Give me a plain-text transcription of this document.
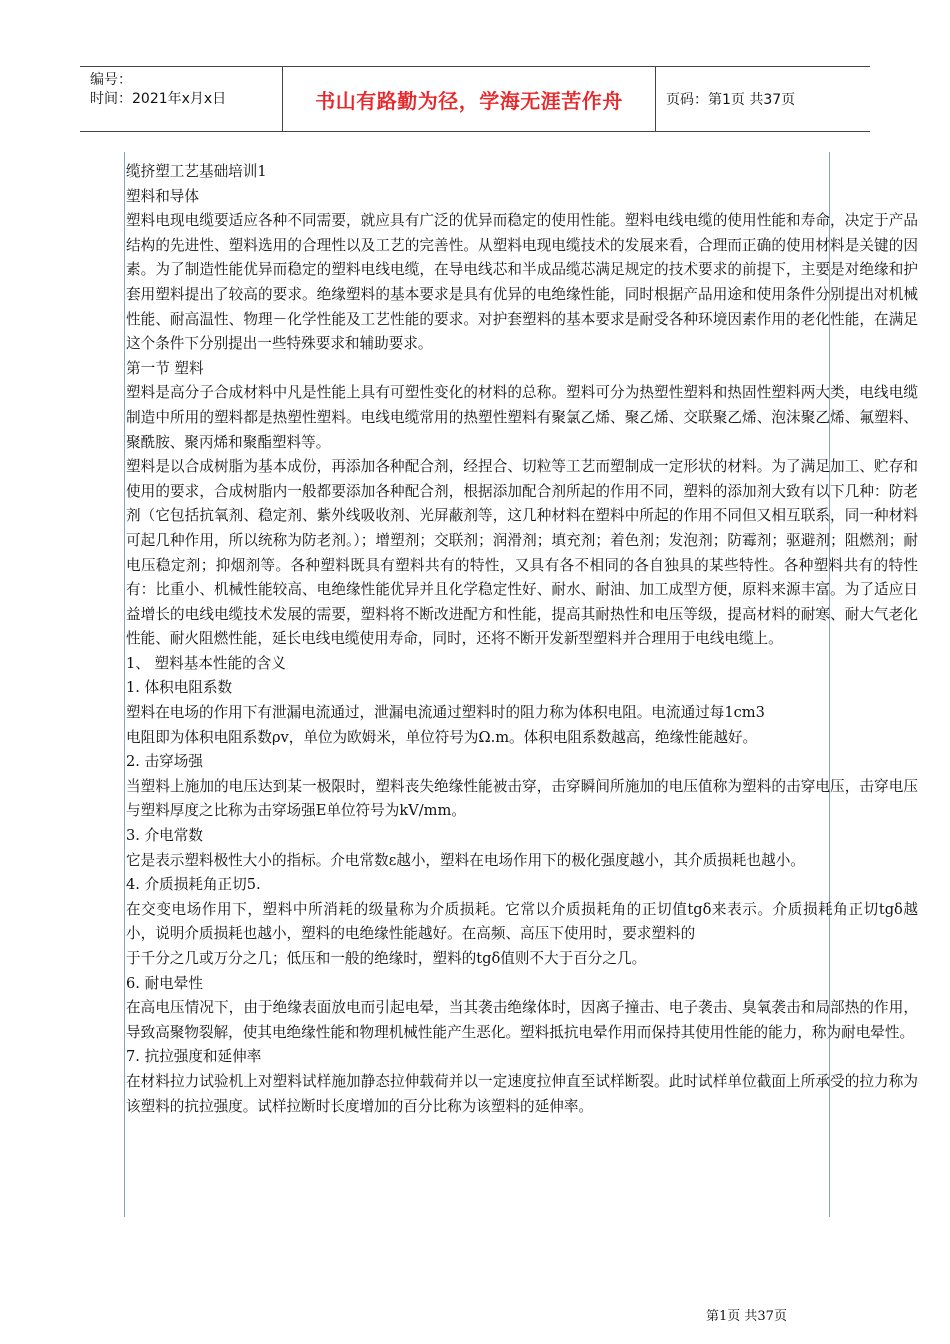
编号：
时间：2021年x月x日	书山有路勤为径，学海无涯苦作舟	页码：第1页 共37页

缆挤塑工艺基础培训1

塑料和导体

塑料电现电缆要适应各种不同需要，就应具有广泛的优异而稳定的使用性能。塑料电线电缆的使用性能和寿命，决定于产品结构的先进性、塑料选用的合理性以及工艺的完善性。从塑料电现电缆技术的发展来看，合理而正确的使用材料是关键的因素。为了制造性能优异而稳定的塑料电线电缆，在导电线芯和半成品缆芯满足规定的技术要求的前提下，主要是对绝缘和护套用塑料提出了较高的要求。绝缘塑料的基本要求是具有优异的电绝缘性能，同时根据产品用途和使用条件分别提出对机械性能、耐高温性、物理－化学性能及工艺性能的要求。对护套塑料的基本要求是耐受各种环境因素作用的老化性能，在满足这个条件下分别提出一些特殊要求和辅助要求。

第一节 塑料

塑料是高分子合成材料中凡是性能上具有可塑性变化的材料的总称。塑料可分为热塑性塑料和热固性塑料两大类，电线电缆制造中所用的塑料都是热塑性塑料。电线电缆常用的热塑性塑料有聚氯乙烯、聚乙烯、交联聚乙烯、泡沫聚乙烯、氟塑料、聚酰胺、聚丙烯和聚酯塑料等。

塑料是以合成树脂为基本成份，再添加各种配合剂，经捏合、切粒等工艺而塑制成一定形状的材料。为了满足加工、贮存和使用的要求，合成树脂内一般都要添加各种配合剂，根据添加配合剂所起的作用不同，塑料的添加剂大致有以下几种：防老剂（它包括抗氧剂、稳定剂、紫外线吸收剂、光屏蔽剂等，这几种材料在塑料中所起的作用不同但又相互联系，同一种材料可起几种作用，所以统称为防老剂。）；增塑剂；交联剂；润滑剂；填充剂；着色剂；发泡剂；防霉剂；驱避剂；阻燃剂；耐电压稳定剂；抑烟剂等。各种塑料既具有塑料共有的特性，又具有各不相同的各自独具的某些特性。各种塑料共有的特性有：比重小、机械性能较高、电绝缘性能优异并且化学稳定性好、耐水、耐油、加工成型方便，原料来源丰富。为了适应日益增长的电线电缆技术发展的需要，塑料将不断改进配方和性能，提高其耐热性和电压等级，提高材料的耐寒、耐大气老化性能、耐火阻燃性能，延长电线电缆使用寿命，同时，还将不断开发新型塑料并合理用于电线电缆上。

1、 塑料基本性能的含义

1. 体积电阻系数

塑料在电场的作用下有泄漏电流通过，泄漏电流通过塑料时的阻力称为体积电阻。电流通过每1cm3

电阻即为体积电阻系数ρv，单位为欧姆米，单位符号为Ω.m。体积电阻系数越高，绝缘性能越好。

2. 击穿场强

当塑料上施加的电压达到某一极限时，塑料丧失绝缘性能被击穿，击穿瞬间所施加的电压值称为塑料的击穿电压，击穿电压与塑料厚度之比称为击穿场强E单位符号为kV/mm。

3. 介电常数

它是表示塑料极性大小的指标。介电常数ε越小，塑料在电场作用下的极化强度越小，其介质损耗也越小。

4. 介质损耗角正切5.

在交变电场作用下，塑料中所消耗的级量称为介质损耗。它常以介质损耗角的正切值tgδ来表示。介质损耗角正切tgδ越小，说明介质损耗也越小，塑料的电绝缘性能越好。在高频、高压下使用时，要求塑料的

于千分之几或万分之几；低压和一般的绝缘时，塑料的tgδ值则不大于百分之几。

6. 耐电晕性

在高电压情况下，由于绝缘表面放电而引起电晕，当其袭击绝缘体时，因离子撞击、电子袭击、臭氧袭击和局部热的作用，导致高聚物裂解，使其电绝缘性能和物理机械性能产生恶化。塑料抵抗电晕作用而保持其使用性能的能力，称为耐电晕性。

7. 抗拉强度和延伸率

在材料拉力试验机上对塑料试样施加静态拉伸载荷并以一定速度拉伸直至试样断裂。此时试样单位截面上所承受的拉力称为该塑料的抗拉强度。试样拉断时长度增加的百分比称为该塑料的延伸率。

第1页 共37页
